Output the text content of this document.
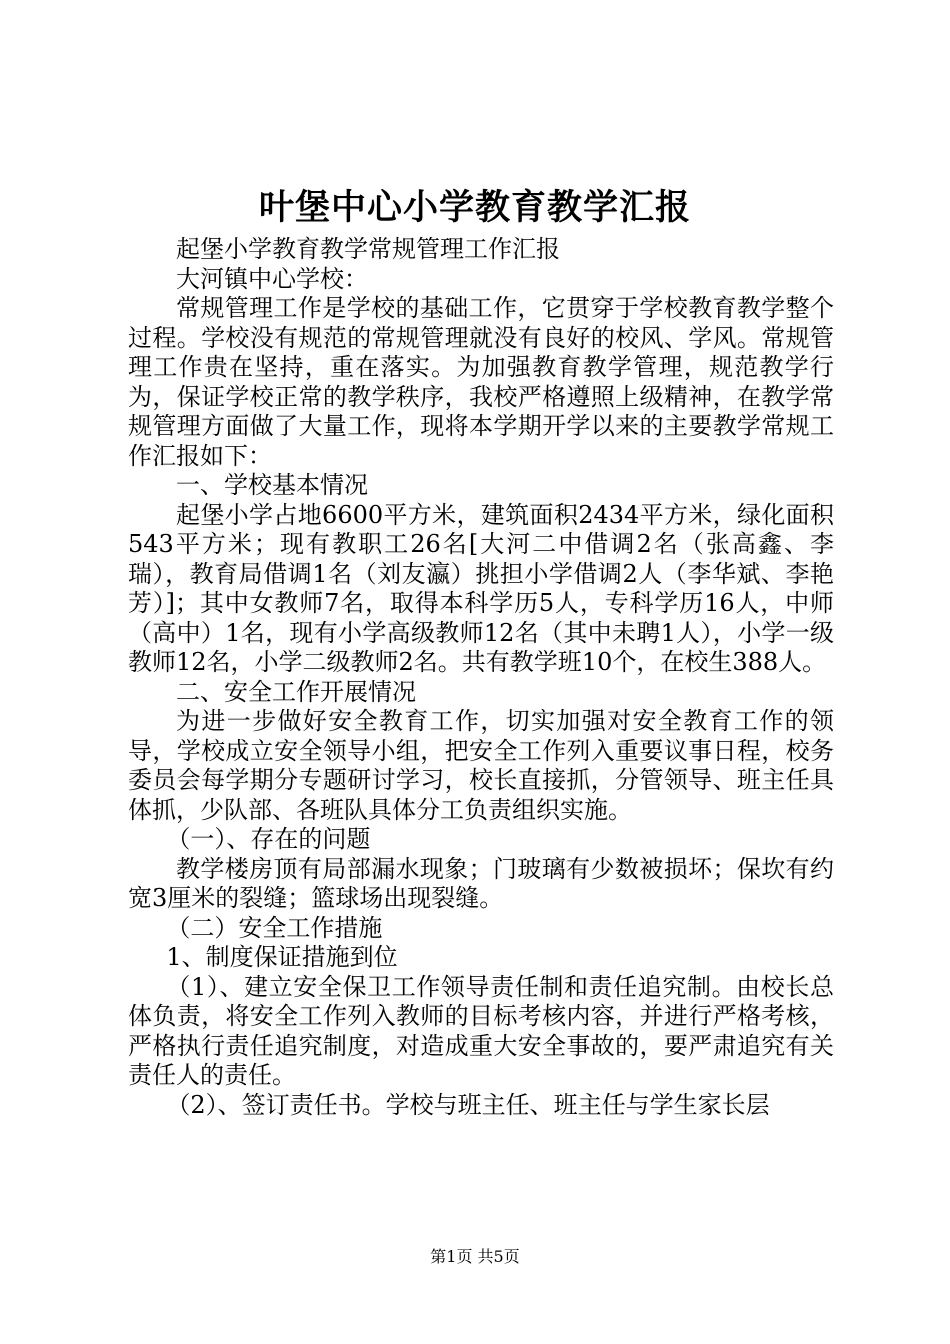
叶堡中心小学教育教学汇报

起堡小学教育教学常规管理工作汇报

大河镇中心学校：

常规管理工作是学校的基础工作，它贯穿于学校教育教学整个过程。学校没有规范的常规管理就没有良好的校风、学风。常规管理工作贵在坚持，重在落实。为加强教育教学管理，规范教学行为，保证学校正常的教学秩序，我校严格遵照上级精神，在教学常规管理方面做了大量工作，现将本学期开学以来的主要教学常规工作汇报如下：

一、学校基本情况

起堡小学占地6600平方米，建筑面积2434平方米，绿化面积543平方米；现有教职工26名[大河二中借调2名（张高鑫、李瑞），教育局借调1名（刘友瀛）挑担小学借调2人（李华斌、李艳芳）]；其中女教师7名，取得本科学历5人，专科学历16人，中师（高中）1名，现有小学高级教师12名（其中未聘1人），小学一级教师12名，小学二级教师2名。共有教学班10个，在校生388人。

二、安全工作开展情况

为进一步做好安全教育工作，切实加强对安全教育工作的领导，学校成立安全领导小组，把安全工作列入重要议事日程，校务委员会每学期分专题研讨学习，校长直接抓，分管领导、班主任具体抓，少队部、各班队具体分工负责组织实施。

（一）、存在的问题

教学楼房顶有局部漏水现象；门玻璃有少数被损坏；保坎有约宽3厘米的裂缝；篮球场出现裂缝。

（二）安全工作措施

1、制度保证措施到位

（1）、建立安全保卫工作领导责任制和责任追究制。由校长总体负责，将安全工作列入教师的目标考核内容，并进行严格考核，严格执行责任追究制度，对造成重大安全事故的，要严肃追究有关责任人的责任。

（2）、签订责任书。学校与班主任、班主任与学生家长层

第1页 共5页
